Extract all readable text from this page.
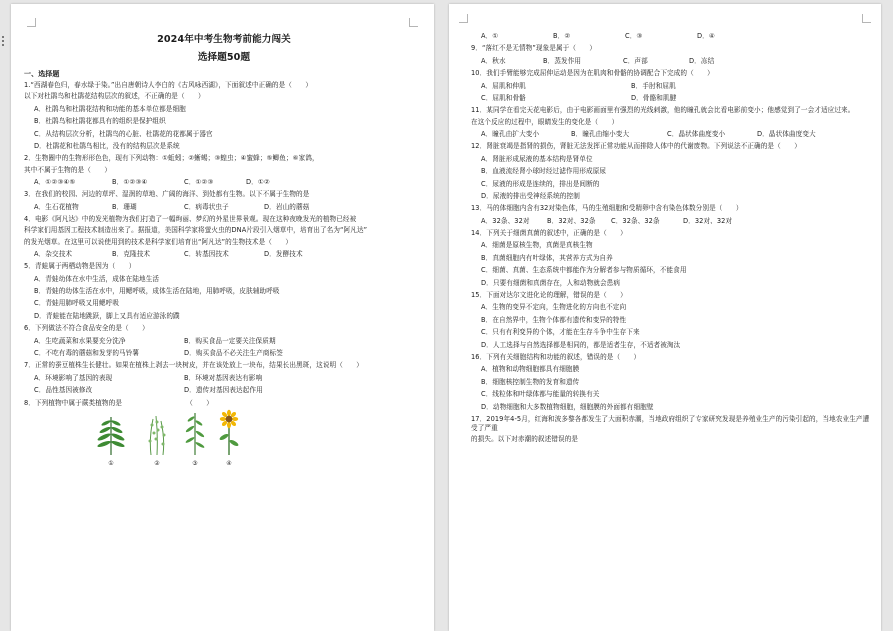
2024年中考生物考前能力闯关
选择题50题
一、选择题
1.“西湖春色归，春水绿于染。”出自唐朝诗人李白的《古风咏西湖》，下面叙述中正确的是（　　）
以下对杜鹃鸟和杜鹃花结构层次的叙述，不正确的是（　　）
A．杜鹃鸟和杜鹃花结构和功能的基本单位都是细胞
B．杜鹃鸟和杜鹃花都具有的组织是保护组织
C．从结构层次分析，杜鹃鸟的心脏、杜鹃花的花都属于器官
D．杜鹃花和杜鹃鸟相比，没有的结构层次是系统
2．生物圈中的生物形形色色，现有下列动物：①蚯蚓；②蜥蜴；③蝗虫；④蜜蜂；⑤鲫鱼；⑥家鸽，
其中不属于生物的是（　　）
A．①②③④⑤	B．①②③④	C．①②③	D．①②
3．在我们的校园、河边的草坪、湿润的草地、广阔的海洋、到处都有生物。以下不属于生物的是
A．生石花植物	B．珊瑚	C．病毒状虫子	D．岩山的蘑菇
4．电影《阿凡达》中的发光植物为我们打造了一幅绚丽、梦幻的外星世界景观。现在这种夜晚发光的植物已经被
科学家们用基因工程技术制造出来了。据报道，美国科学家将萤火虫的DNA片段引入烟草中，培育出了名为“阿凡达”
的发光烟草。在这里可以说使用到的技术是科学家们培育出“阿凡达”的生物技术是（　　）
A．杂交技术	B．克隆技术	C．转基因技术	D．发酵技术
5．青蛙属于两栖动物是因为（　　）
A．青蛙幼体在水中生活，成体在陆地生活
B．青蛙的幼体生活在水中，用鳃呼吸，成体生活在陆地，用肺呼吸，皮肤辅助呼吸
C．青蛙用肺呼吸又用鳃呼吸
D．青蛙能在陆地跳跃，脚上又具有适应游泳的蹼
6．下列做法不符合食品安全的是（　　）
A．生吃蔬菜和水果要充分洗净	B．购买食品一定要关注保质期
C．不吃有毒的蘑菇和发芽的马铃薯	D．购买食品不必关注生产商标签
7．正常的蚕豆植株生长健壮。如果在植株上剥去一块树皮，并在该处放上一块布，结果长出黑斑，这说明（　　）
A．环境影响了基因的表现	B．环境对基因表达有影响
C．品性基因被修改	D．遗传对基因表达起作用
8．下列植物中属于蕨类植物的是	（　　）
①	②	③	④
A．①	B．②	C．③	D．④
9．“落红不是无情物”现象是属于（　　）
A．秋水	B．蒸发作用	C．声部	D．冻结
10．我们手臂能够完成屈伸运动是因为在肌肉和骨骼的协调配合下完成的（　　）
A．屈肌和伸肌	B．手肘和屈肌
C．屈肌和骨骼	D．骨骼和肌腱
11．某同学在看完天花电影后，由于电影画面里有强烈的光线刺激，他的瞳孔就会比看电影前变小；他感觉到了一会才适应过来。
在这个反应的过程中，眼睛发生的变化是（　　）
A．瞳孔由扩大变小	B．瞳孔由缩小变大	C．晶状体曲度变小	D．晶状体曲度变大
12．肾脏衰竭是指肾的损伤，肾脏无法发挥正常功能从而排除人体中的代谢废物。下列说法不正确的是（　　）
A．肾脏形成尿液的基本结构是肾单位
B．血液流经肾小球时经过滤作用形成原尿
C．尿液的形成是连续的，排出是间断的
D．尿液的排出受神经系统的控制
13．马的体细胞内含有32对染色体，马的生殖细胞和受精卵中含有染色体数分别是（　　）
A．32条、32对	B．32对、32条	C．32条、32条	D．32对、32对
14．下列关于细菌真菌的叙述中，正确的是（　　）
A．细菌是原核生物，真菌是真核生物
B．真菌细胞内有叶绿体，其营养方式为自养
C．细菌、真菌、生态系统中都能作为分解者参与物质循环，不能食用
D．只要有细菌和真菌存在，人和动物就会患病
15．下面对达尔文进化论的理解，错误的是（　　）
A．生物的变异不定向，生物进化的方向也不定向
B．在自然界中，生物个体都有遗传和变异的特性
C．只有有利变异的个体，才能在生存斗争中生存下来
D．人工选择与自然选择都是相同的，都是适者生存，不适者被淘汰
16．下列有关细胞结构和功能的叙述，错误的是（　　）
A．植物和动物细胞都具有细胞膜
B．细胞核控制生物的发育和遗传
C．线粒体和叶绿体都与能量的转换有关
D．动物细胞和大多数植物细胞，细胞膜的外面都有细胞壁
17．2019年4-5月，红海和波多黎各都发生了大面积赤潮，当地政府组织了专家研究发现是养殖业生产的污染引起的，当地农业生产遭受了严重
的损失。以下对赤潮的叙述错误的是
